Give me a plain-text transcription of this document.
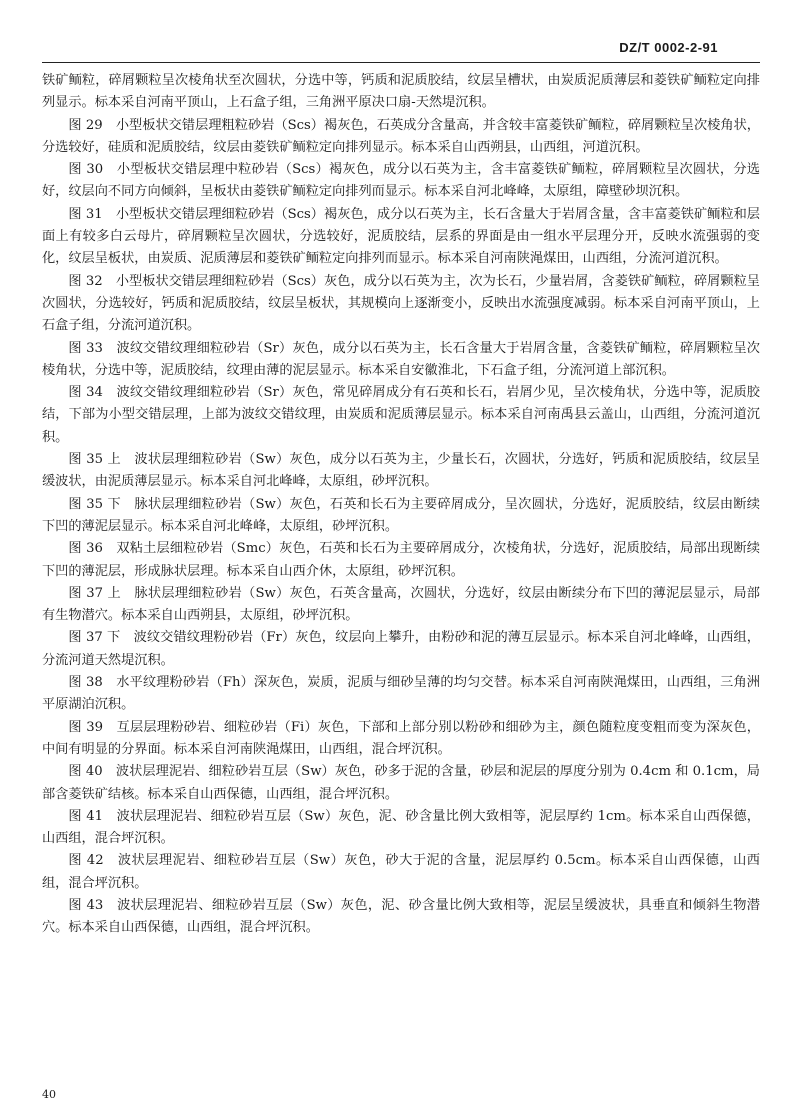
DZ/T 0002-2-91

铁矿鲕粒，碎屑颗粒呈次棱角状至次圆状，分选中等，钙质和泥质胶结，纹层呈槽状，由炭质泥质薄层和菱铁矿鲕粒定向排列显示。标本采自河南平顶山，上石盒子组，三角洲平原决口扇-天然堤沉积。

图 29　小型板状交错层理粗粒砂岩（Scs）褐灰色，石英成分含量高，并含较丰富菱铁矿鲕粒，碎屑颗粒呈次棱角状，分选较好，硅质和泥质胶结，纹层由菱铁矿鲕粒定向排列显示。标本采自山西朔县，山西组，河道沉积。

图 30　小型板状交错层理中粒砂岩（Scs）褐灰色，成分以石英为主，含丰富菱铁矿鲕粒，碎屑颗粒呈次圆状，分选好，纹层向不同方向倾斜，呈板状由菱铁矿鲕粒定向排列而显示。标本采自河北峰峰，太原组，障壁砂坝沉积。

图 31　小型板状交错层理细粒砂岩（Scs）褐灰色，成分以石英为主，长石含量大于岩屑含量，含丰富菱铁矿鲕粒和层面上有较多白云母片，碎屑颗粒呈次圆状，分选较好，泥质胶结，层系的界面是由一组水平层理分开，反映水流强弱的变化，纹层呈板状，由炭质、泥质薄层和菱铁矿鲕粒定向排列而显示。标本采自河南陕渑煤田，山西组，分流河道沉积。

图 32　小型板状交错层理细粒砂岩（Scs）灰色，成分以石英为主，次为长石，少量岩屑，含菱铁矿鲕粒，碎屑颗粒呈次圆状，分选较好，钙质和泥质胶结，纹层呈板状，其规模向上逐渐变小，反映出水流强度减弱。标本采自河南平顶山，上石盒子组，分流河道沉积。

图 33　波纹交错纹理细粒砂岩（Sr）灰色，成分以石英为主，长石含量大于岩屑含量，含菱铁矿鲕粒，碎屑颗粒呈次棱角状，分选中等，泥质胶结，纹理由薄的泥层显示。标本采自安徽淮北，下石盒子组，分流河道上部沉积。

图 34　波纹交错纹理细粒砂岩（Sr）灰色，常见碎屑成分有石英和长石，岩屑少见，呈次棱角状，分选中等，泥质胶结，下部为小型交错层理，上部为波纹交错纹理，由炭质和泥质薄层显示。标本采自河南禹县云盖山，山西组，分流河道沉积。

图 35 上　波状层理细粒砂岩（Sw）灰色，成分以石英为主，少量长石，次圆状，分选好，钙质和泥质胶结，纹层呈缓波状，由泥质薄层显示。标本采自河北峰峰，太原组，砂坪沉积。

图 35 下　脉状层理细粒砂岩（Sw）灰色，石英和长石为主要碎屑成分，呈次圆状，分选好，泥质胶结，纹层由断续下凹的薄泥层显示。标本采自河北峰峰，太原组，砂坪沉积。

图 36　双粘土层细粒砂岩（Smc）灰色，石英和长石为主要碎屑成分，次棱角状，分选好，泥质胶结，局部出现断续下凹的薄泥层，形成脉状层理。标本采自山西介休，太原组，砂坪沉积。

图 37 上　脉状层理细粒砂岩（Sw）灰色，石英含量高，次圆状，分选好，纹层由断续分布下凹的薄泥层显示，局部有生物潜穴。标本采自山西朔县，太原组，砂坪沉积。

图 37 下　波纹交错纹理粉砂岩（Fr）灰色，纹层向上攀升，由粉砂和泥的薄互层显示。标本采自河北峰峰，山西组，分流河道天然堤沉积。

图 38　水平纹理粉砂岩（Fh）深灰色，炭质，泥质与细砂呈薄的均匀交替。标本采自河南陕渑煤田，山西组，三角洲平原湖泊沉积。

图 39　互层层理粉砂岩、细粒砂岩（Fi）灰色，下部和上部分别以粉砂和细砂为主，颜色随粒度变粗而变为深灰色，中间有明显的分界面。标本采自河南陕渑煤田，山西组，混合坪沉积。

图 40　波状层理泥岩、细粒砂岩互层（Sw）灰色，砂多于泥的含量，砂层和泥层的厚度分别为 0.4cm 和 0.1cm，局部含菱铁矿结核。标本采自山西保德，山西组，混合坪沉积。

图 41　波状层理泥岩、细粒砂岩互层（Sw）灰色，泥、砂含量比例大致相等，泥层厚约 1cm。标本采自山西保德，山西组，混合坪沉积。

图 42　波状层理泥岩、细粒砂岩互层（Sw）灰色，砂大于泥的含量，泥层厚约 0.5cm。标本采自山西保德，山西组，混合坪沉积。

图 43　波状层理泥岩、细粒砂岩互层（Sw）灰色，泥、砂含量比例大致相等，泥层呈缓波状，具垂直和倾斜生物潜穴。标本采自山西保德，山西组，混合坪沉积。

40
